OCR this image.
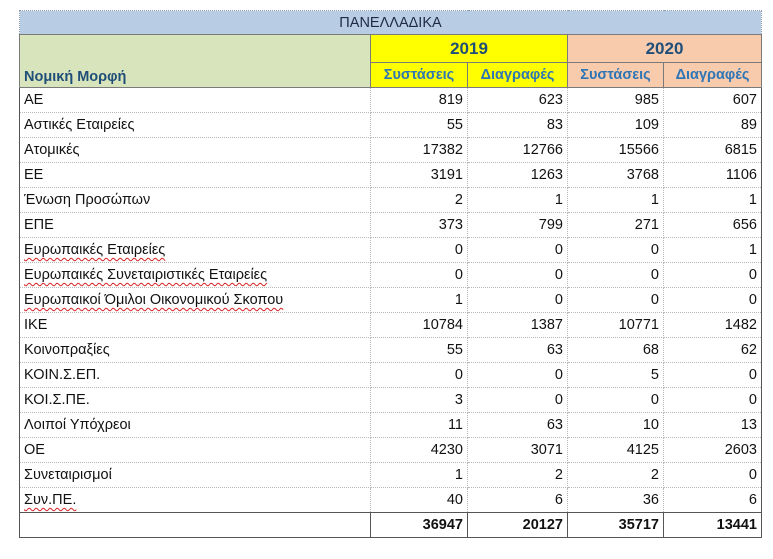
ΠΑΝΕΛΛΑΔΙΚΑ				
Νομική Μορφή	2019		2020	
	Συστάσεις	Διαγραφές	Συστάσεις	Διαγραφές
ΑΕ	819	623	985	607
Αστικές Εταιρείες	55	83	109	89
Ατομικές	17382	12766	15566	6815
ΕΕ	3191	1263	3768	1106
Ένωση Προσώπων	2	1	1	1
ΕΠΕ	373	799	271	656
Ευρωπαικές Εταιρείες	0	0	0	1
Ευρωπαικές Συνεταιριστικές Εταιρείες	0	0	0	0
Ευρωπαικοί Όμιλοι Οικονομικού Σκοπου	1	0	0	0
ΙΚΕ	10784	1387	10771	1482
Κοινοπραξίες	55	63	68	62
ΚΟΙΝ.Σ.ΕΠ.	0	0	5	0
ΚΟΙ.Σ.ΠΕ.	3	0	0	0
Λοιποί Υπόχρεοι	11	63	10	13
ΟΕ	4230	3071	4125	2603
Συνεταιρισμοί	1	2	2	0
Συν.ΠΕ.	40	6	36	6
	36947	20127	35717	13441
